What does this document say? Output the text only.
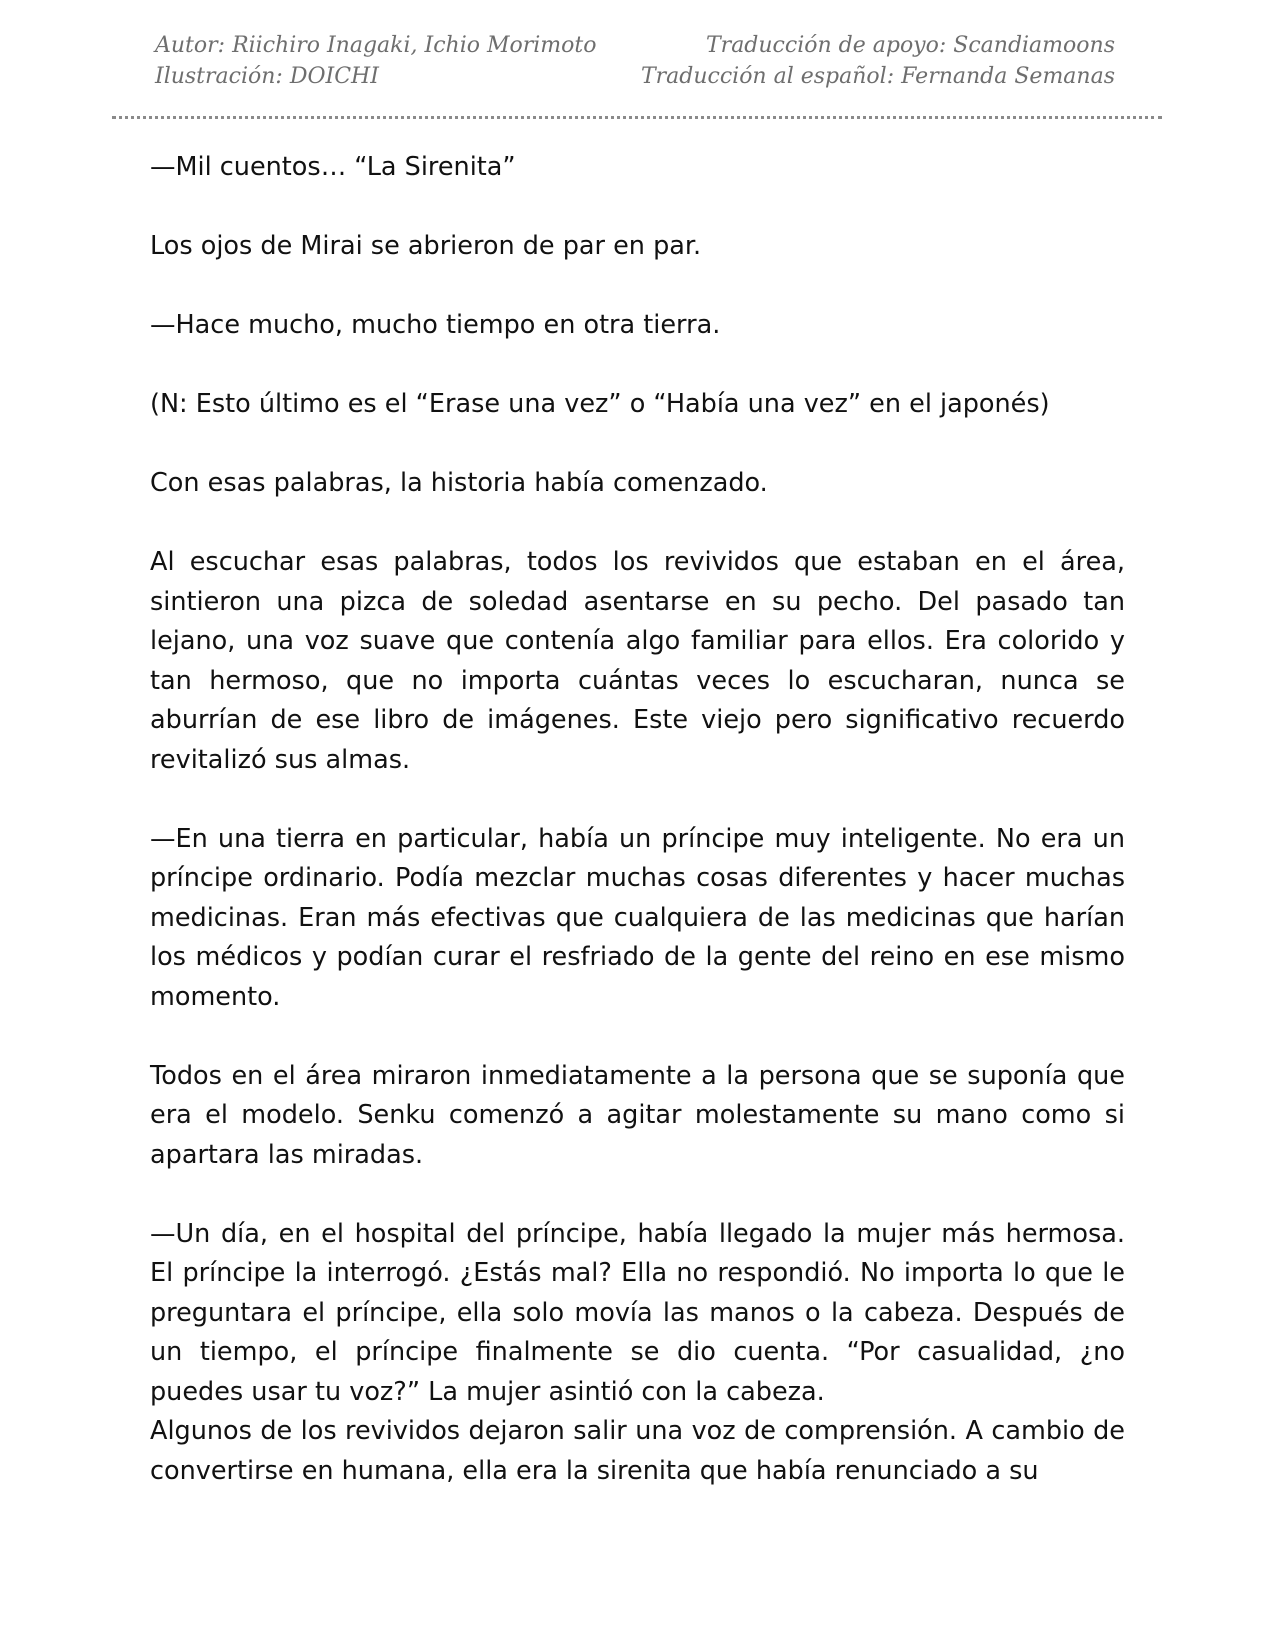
Autor: Riichiro Inagaki, Ichio Morimoto
Ilustración: DOICHI
Traducción de apoyo: Scandiamoons
Traducción al español: Fernanda Semanas

—Mil cuentos… “La Sirenita”

Los ojos de Mirai se abrieron de par en par.

—Hace mucho, mucho tiempo en otra tierra.

(N: Esto último es el “Erase una vez” o “Había una vez” en el japonés)

Con esas palabras, la historia había comenzado.

Al escuchar esas palabras, todos los revividos que estaban en el área, sintieron una pizca de soledad asentarse en su pecho. Del pasado tan lejano, una voz suave que contenía algo familiar para ellos. Era colorido y tan hermoso, que no importa cuántas veces lo escucharan, nunca se aburrían de ese libro de imágenes. Este viejo pero significativo recuerdo revitalizó sus almas.

—En una tierra en particular, había un príncipe muy inteligente. No era un príncipe ordinario. Podía mezclar muchas cosas diferentes y hacer muchas medicinas. Eran más efectivas que cualquiera de las medicinas que harían los médicos y podían curar el resfriado de la gente del reino en ese mismo momento.

Todos en el área miraron inmediatamente a la persona que se suponía que era el modelo. Senku comenzó a agitar molestamente su mano como si apartara las miradas.

—Un día, en el hospital del príncipe, había llegado la mujer más hermosa. El príncipe la interrogó. ¿Estás mal? Ella no respondió. No importa lo que le preguntara el príncipe, ella solo movía las manos o la cabeza. Después de un tiempo, el príncipe finalmente se dio cuenta. “Por casualidad, ¿no puedes usar tu voz?” La mujer asintió con la cabeza.

Algunos de los revividos dejaron salir una voz de comprensión. A cambio de convertirse en humana, ella era la sirenita que había renunciado a su
